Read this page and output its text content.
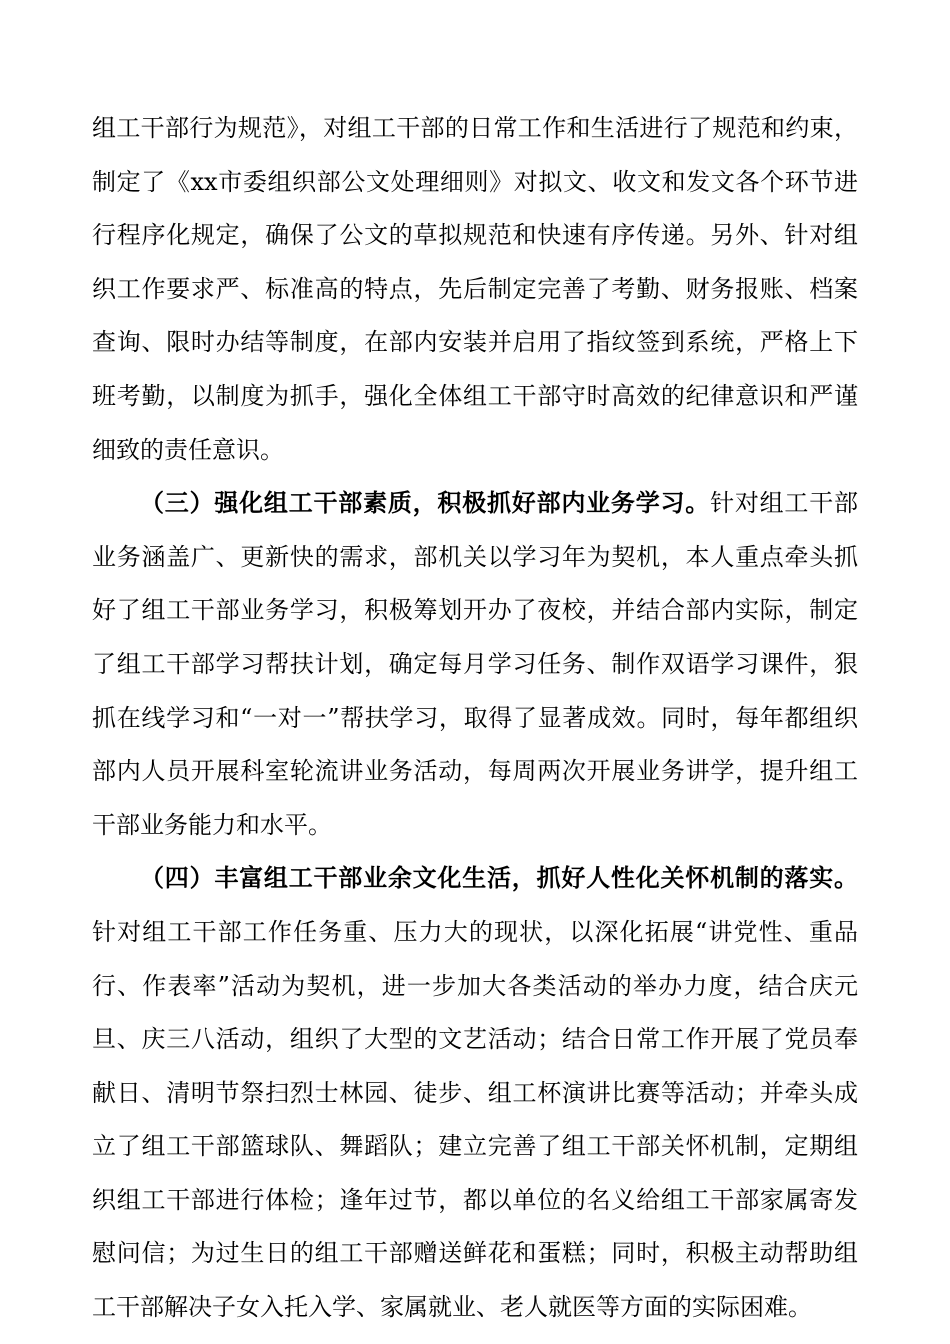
组工干部行为规范》，对组工干部的日常工作和生活进行了规范和约束，制定了《xx市委组织部公文处理细则》对拟文、收文和发文各个环节进行程序化规定，确保了公文的草拟规范和快速有序传递。另外、针对组织工作要求严、标准高的特点，先后制定完善了考勤、财务报账、档案查询、限时办结等制度，在部内安装并启用了指纹签到系统，严格上下班考勤，以制度为抓手，强化全体组工干部守时高效的纪律意识和严谨细致的责任意识。

（三）强化组工干部素质，积极抓好部内业务学习。针对组工干部业务涵盖广、更新快的需求，部机关以学习年为契机，本人重点牵头抓好了组工干部业务学习，积极筹划开办了夜校，并结合部内实际，制定了组工干部学习帮扶计划，确定每月学习任务、制作双语学习课件，狠抓在线学习和“一对一”帮扶学习，取得了显著成效。同时，每年都组织部内人员开展科室轮流讲业务活动，每周两次开展业务讲学，提升组工干部业务能力和水平。

（四）丰富组工干部业余文化生活，抓好人性化关怀机制的落实。针对组工干部工作任务重、压力大的现状，以深化拓展“讲党性、重品行、作表率”活动为契机，进一步加大各类活动的举办力度，结合庆元旦、庆三八活动，组织了大型的文艺活动；结合日常工作开展了党员奉献日、清明节祭扫烈士林园、徒步、组工杯演讲比赛等活动；并牵头成立了组工干部篮球队、舞蹈队；建立完善了组工干部关怀机制，定期组织组工干部进行体检；逢年过节，都以单位的名义给组工干部家属寄发慰问信；为过生日的组工干部赠送鲜花和蛋糕；同时，积极主动帮助组工干部解决子女入托入学、家属就业、老人就医等方面的实际困难。
